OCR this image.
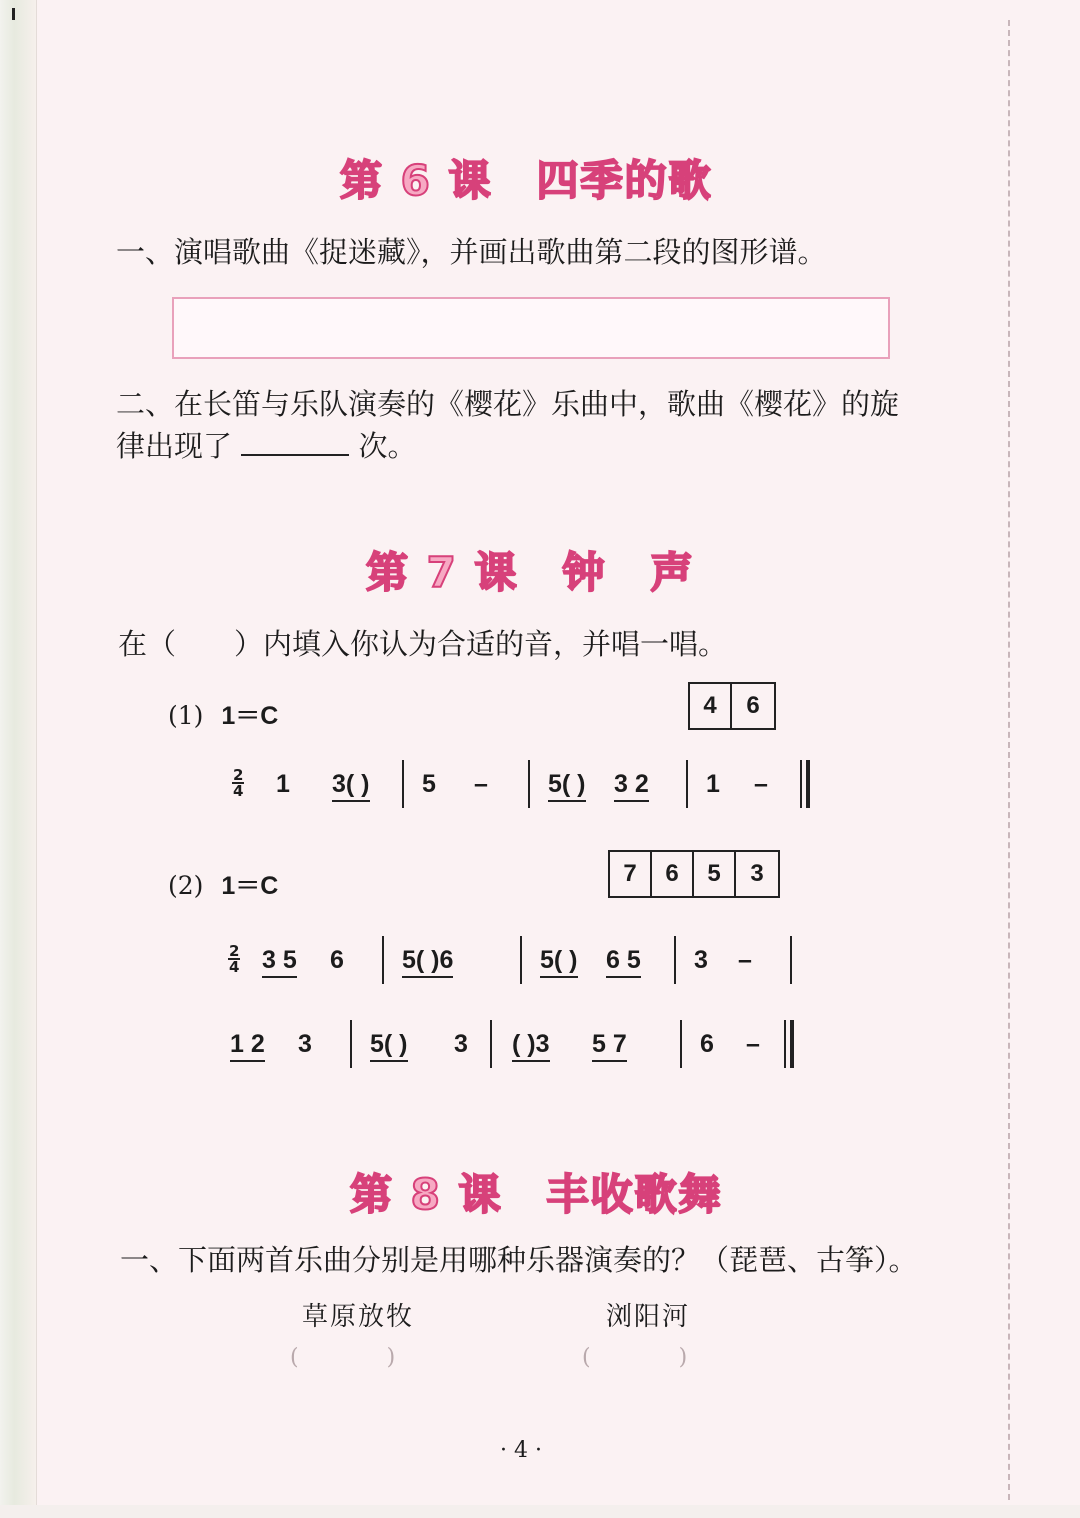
第 6 课　四季的歌
一、演唱歌曲《捉迷藏》，并画出歌曲第二段的图形谱。
二、在长笛与乐队演奏的《樱花》乐曲中，歌曲《樱花》的旋
律出现了	次。
第 7 课　钟　声
在（　　）内填入你认为合适的音，并唱一唱。
(1) 1＝C	4	6
$\frac{2}{4} 1$ 3( ) 5 – 5( ) 3 2 1 –
(2) 1＝C	7	6	5	3
$\frac{2}{4} 3$ 5 6 5( )6	5( ) 6 5 3 –
1 2 3 5( ) 3 ( )3 5 7	6 –
第 8 课　丰收歌舞
一、下面两首乐曲分别是用哪种乐器演奏的？（琵琶、古筝）。
草原放牧	浏阳河
(　　　　)	(　　　　)
· 4 ·
